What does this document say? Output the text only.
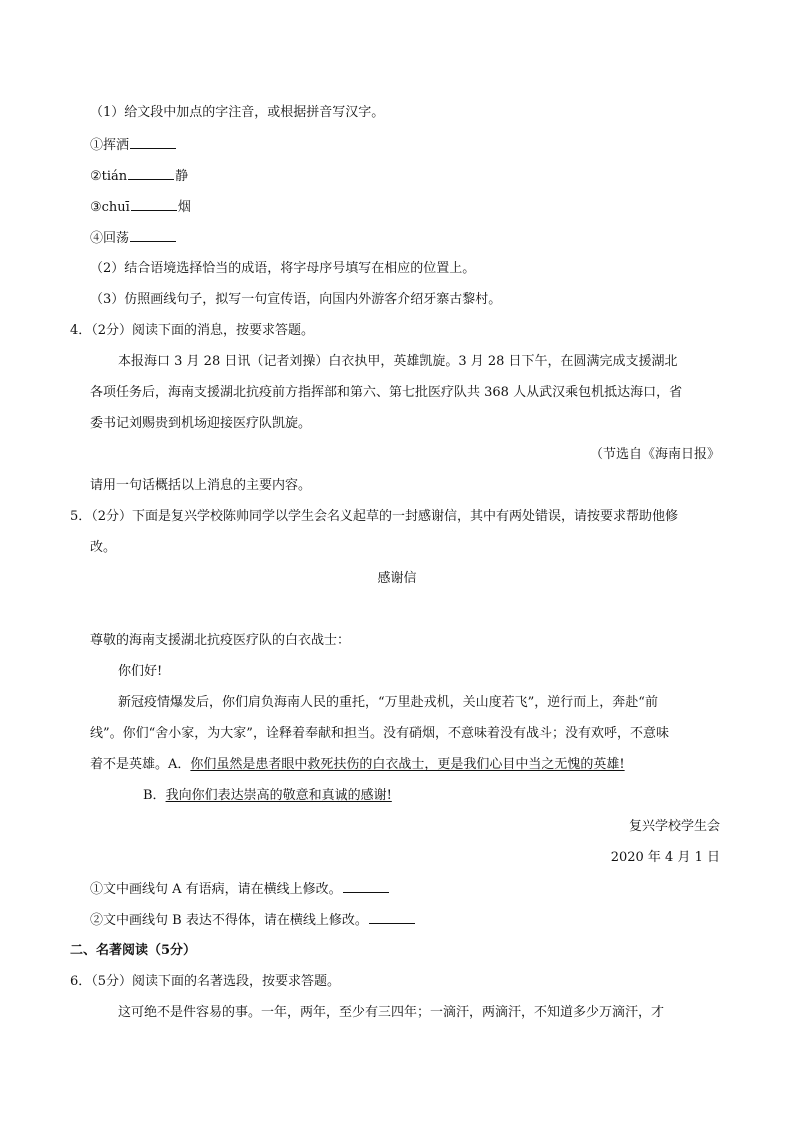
（1）给文段中加点的字注音，或根据拼音写汉字。
①挥洒
②tián	静
③chuī	烟
④回荡
（2）结合语境选择恰当的成语，将字母序号填写在相应的位置上。
（3）仿照画线句子，拟写一句宣传语，向国内外游客介绍牙寨古黎村。
4．（2分）阅读下面的消息，按要求答题。
本报海口 3 月 28 日讯（记者刘操）白衣执甲，英雄凯旋。3 月 28 日下午，在圆满完成支援湖北
各项任务后，海南支援湖北抗疫前方指挥部和第六、第七批医疗队共 368 人从武汉乘包机抵达海口，省
委书记刘赐贵到机场迎接医疗队凯旋。
（节选自《海南日报》
请用一句话概括以上消息的主要内容。
5．（2分）下面是复兴学校陈帅同学以学生会名义起草的一封感谢信，其中有两处错误，请按要求帮助他修
改。
感谢信
尊敬的海南支援湖北抗疫医疗队的白衣战士：
你们好!
新冠疫情爆发后，你们肩负海南人民的重托，“万里赴戎机，关山度若飞”，逆行而上，奔赴“前
线”。你们“舍小家，为大家”，诠释着奉献和担当。没有硝烟，不意味着没有战斗；没有欢呼，不意味
着不是英雄。A．你们虽然是患者眼中救死扶伤的白衣战士，更是我们心目中当之无愧的英雄!
B．我向你们表达崇高的敬意和真诚的感谢!
复兴学校学生会
2020 年 4 月 1 日
①文中画线句 A 有语病，请在横线上修改。
②文中画线句 B 表达不得体，请在横线上修改。
二、名著阅读（5分）
6．（5分）阅读下面的名著选段，按要求答题。
这可绝不是件容易的事。一年，两年，至少有三四年；一滴汗，两滴汗，不知道多少万滴汗，才
